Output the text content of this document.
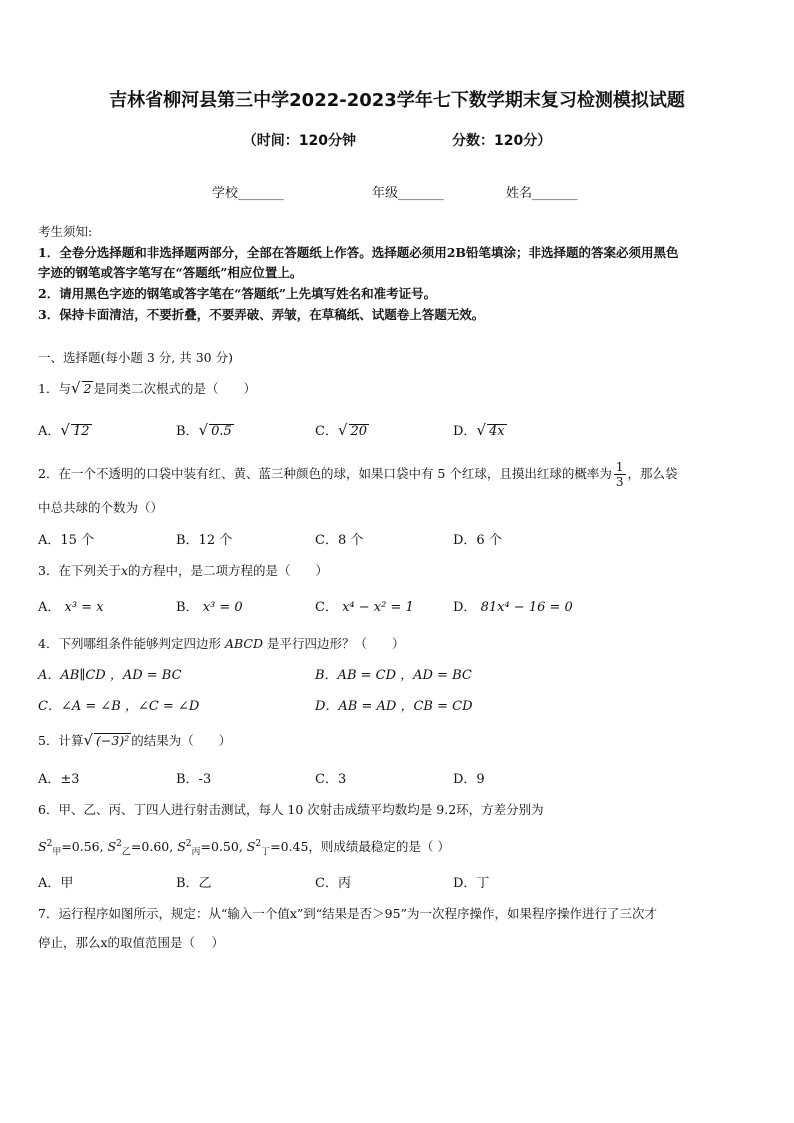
吉林省柳河县第三中学2022-2023学年七下数学期末复习检测模拟试题
（时间：120分钟	分数：120分）
学校_______	年级_______	姓名_______
考生须知:
1．全卷分选择题和非选择题两部分，全部在答题纸上作答。选择题必须用2B铅笔填涂；非选择题的答案必须用黑色
字迹的钢笔或答字笔写在“答题纸”相应位置上。
2．请用黑色字迹的钢笔或答字笔在“答题纸”上先填写姓名和准考证号。
3．保持卡面清洁，不要折叠，不要弄破、弄皱，在草稿纸、试题卷上答题无效。
一、选择题(每小题 3 分, 共 30 分)
1．与√ 2 是同类二次根式的是（　　）
A．√ 12	B．√ 0.5	C．√ 20	D．√ 4x
2．在一个不透明的口袋中装有红、黄、蓝三种颜色的球，如果口袋中有 5 个红球，且摸出红球的概率为 $\frac{1}{3}$ ，那么袋
中总共球的个数为（）
A．15 个	B．12 个	C．8 个	D．6 个
3．在下列关于x的方程中，是二项方程的是（　　）
A． x³ = x	B． x³ = 0	C． x⁴ − x² = 1	D． 81x⁴ − 16 = 0
4．下列哪组条件能够判定四边形 ABCD 是平行四边形？（　　）
A．AB∥CD ，AD = BC	B．AB = CD ，AD = BC
C．∠A = ∠B ，∠C = ∠D	D．AB = AD ，CB = CD
5．计算√ (−3)² 的结果为（　　）
A．±3	B．-3	C．3	D．9
6．甲、乙、丙、丁四人进行射击测试，每人 10 次射击成绩平均数均是 9.2环，方差分别为
$S^2_甲=0.56$, $S^2_乙=0.60$, $S^2_丙=0.50$, $S^2_丁=0.45$，则成绩最稳定的是（ ）
A．甲	B．乙	C．丙	D．丁
7．运行程序如图所示，规定：从“输入一个值x”到“结果是否＞95”为一次程序操作，如果程序操作进行了三次才
停止，那么x的取值范围是（　 ）
